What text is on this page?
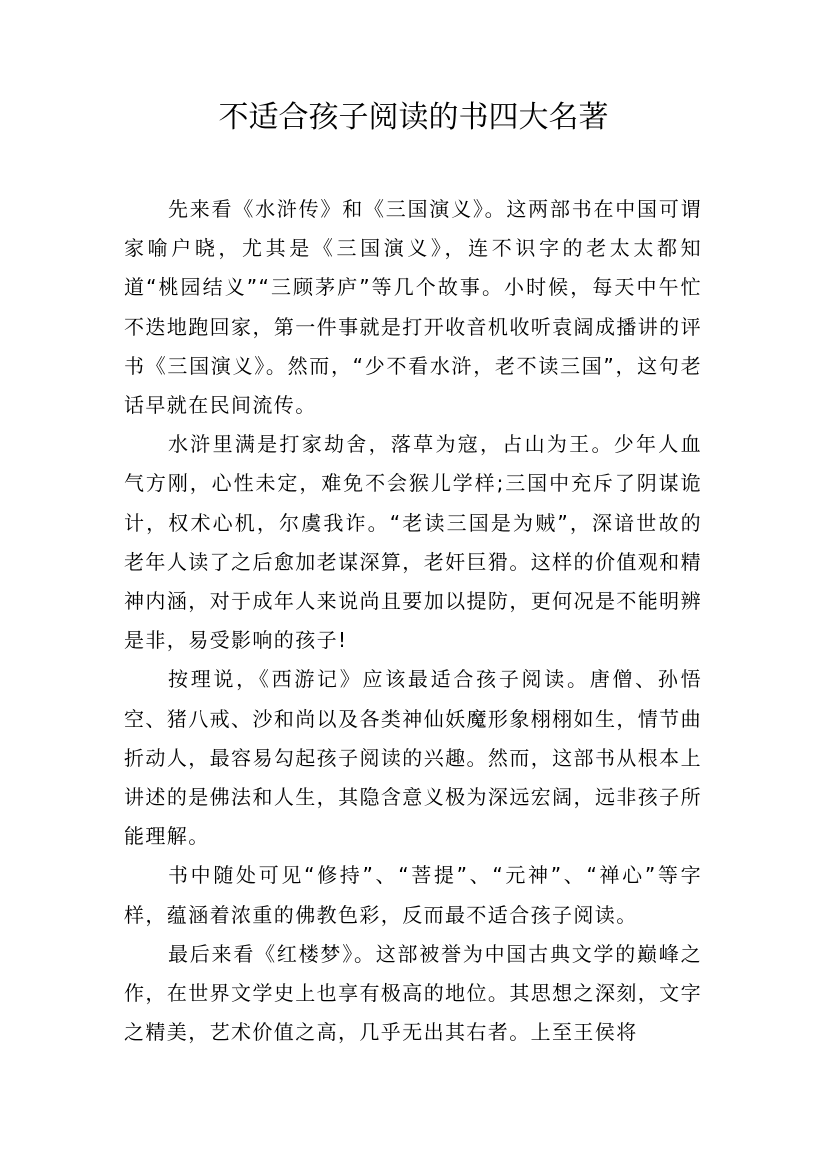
不适合孩子阅读的书四大名著

先来看《水浒传》和《三国演义》。这两部书在中国可谓家喻户晓，尤其是《三国演义》，连不识字的老太太都知道“桃园结义”“三顾茅庐”等几个故事。小时候，每天中午忙不迭地跑回家，第一件事就是打开收音机收听袁阔成播讲的评书《三国演义》。然而，“少不看水浒，老不读三国”，这句老话早就在民间流传。

水浒里满是打家劫舍，落草为寇，占山为王。少年人血气方刚，心性未定，难免不会猴儿学样;三国中充斥了阴谋诡计，权术心机，尔虞我诈。“老读三国是为贼”，深谙世故的老年人读了之后愈加老谋深算，老奸巨猾。这样的价值观和精神内涵，对于成年人来说尚且要加以提防，更何况是不能明辨是非，易受影响的孩子!

按理说，《西游记》应该最适合孩子阅读。唐僧、孙悟空、猪八戒、沙和尚以及各类神仙妖魔形象栩栩如生，情节曲折动人，最容易勾起孩子阅读的兴趣。然而，这部书从根本上讲述的是佛法和人生，其隐含意义极为深远宏阔，远非孩子所能理解。

书中随处可见“修持”、“菩提”、“元神”、“禅心”等字样，蕴涵着浓重的佛教色彩，反而最不适合孩子阅读。

最后来看《红楼梦》。这部被誉为中国古典文学的巅峰之作，在世界文学史上也享有极高的地位。其思想之深刻，文字之精美，艺术价值之高，几乎无出其右者。上至王侯将
